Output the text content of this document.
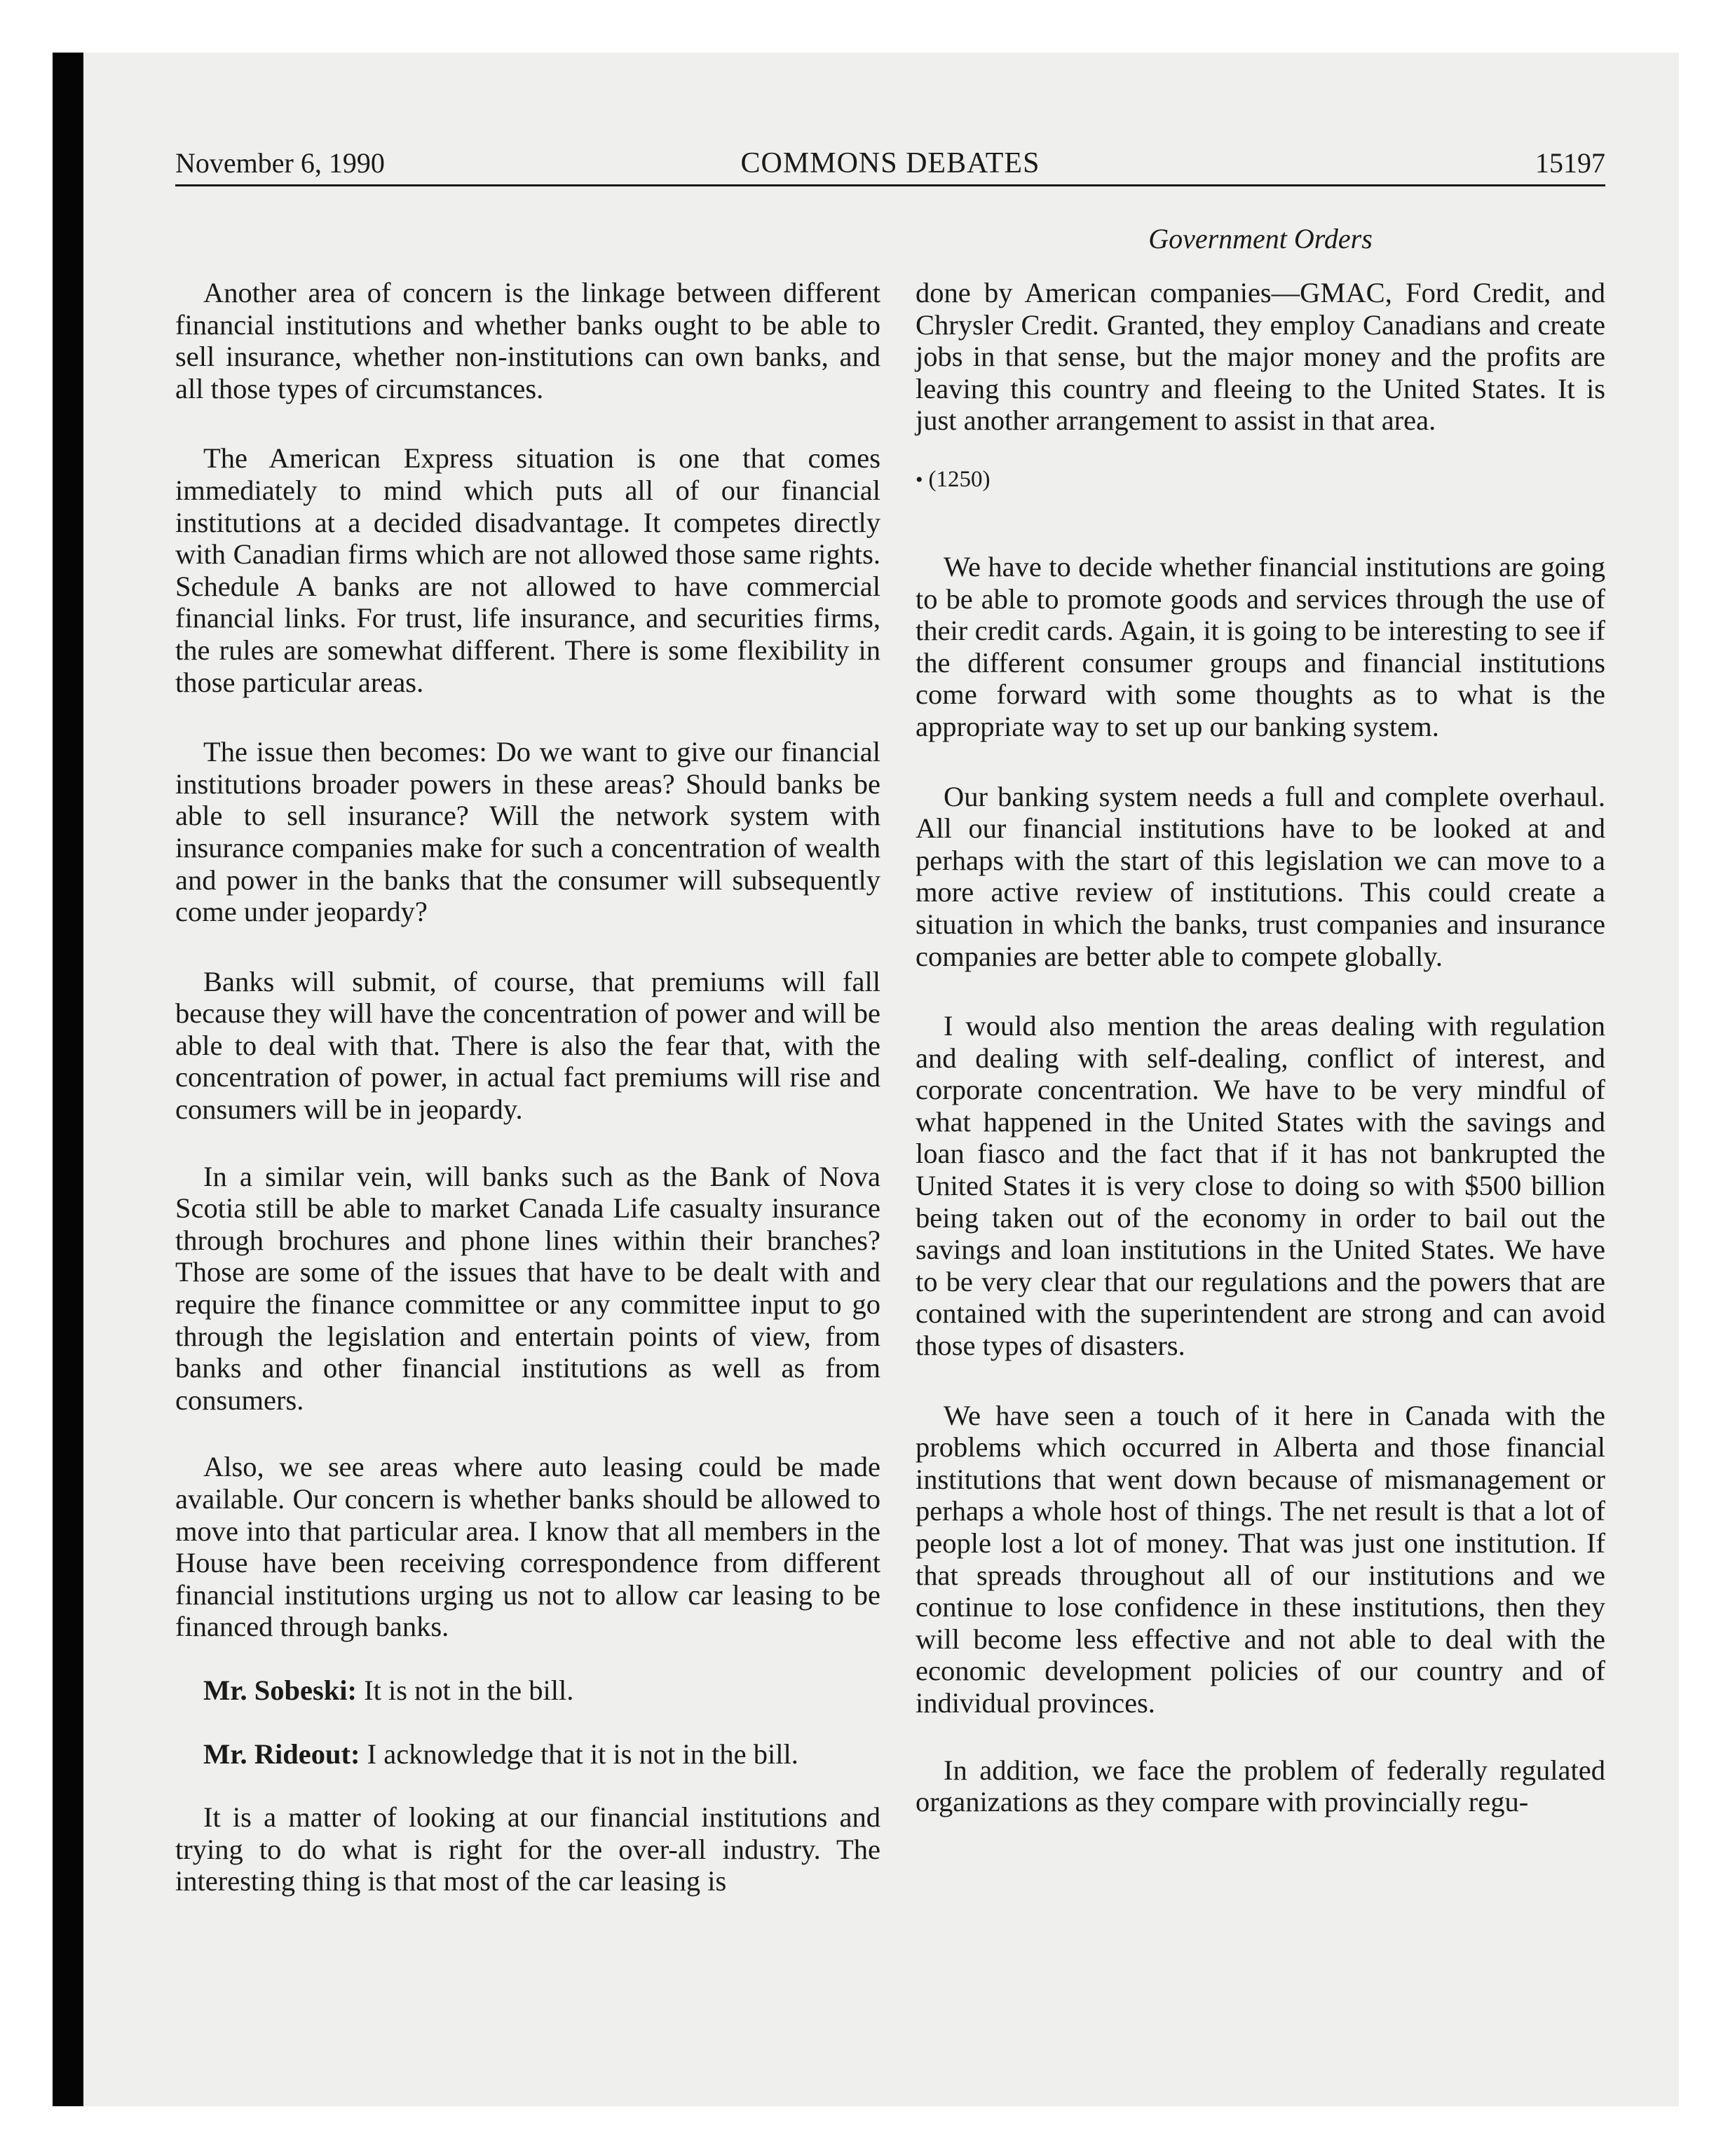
November 6, 1990	COMMONS DEBATES	15197
Government Orders

Another area of concern is the linkage between different financial institutions and whether banks ought to be able to sell insurance, whether non-institutions can own banks, and all those types of circumstances.

The American Express situation is one that comes immediately to mind which puts all of our financial institutions at a decided disadvantage. It competes directly with Canadian firms which are not allowed those same rights. Schedule A banks are not allowed to have commercial financial links. For trust, life insurance, and securities firms, the rules are somewhat different. There is some flexibility in those particular areas.

The issue then becomes: Do we want to give our financial institutions broader powers in these areas? Should banks be able to sell insurance? Will the network system with insurance companies make for such a concentration of wealth and power in the banks that the consumer will subsequently come under jeopardy?

Banks will submit, of course, that premiums will fall because they will have the concentration of power and will be able to deal with that. There is also the fear that, with the concentration of power, in actual fact premiums will rise and consumers will be in jeopardy.

In a similar vein, will banks such as the Bank of Nova Scotia still be able to market Canada Life casualty insurance through brochures and phone lines within their branches? Those are some of the issues that have to be dealt with and require the finance committee or any committee input to go through the legislation and entertain points of view, from banks and other financial institutions as well as from consumers.

Also, we see areas where auto leasing could be made available. Our concern is whether banks should be allowed to move into that particular area. I know that all members in the House have been receiving correspondence from different financial institutions urging us not to allow car leasing to be financed through banks.

Mr. Sobeski: It is not in the bill.

Mr. Rideout: I acknowledge that it is not in the bill.

It is a matter of looking at our financial institutions and trying to do what is right for the over-all industry. The interesting thing is that most of the car leasing is

done by American companies—GMAC, Ford Credit, and Chrysler Credit. Granted, they employ Canadians and create jobs in that sense, but the major money and the profits are leaving this country and fleeing to the United States. It is just another arrangement to assist in that area.

• (1250)

We have to decide whether financial institutions are going to be able to promote goods and services through the use of their credit cards. Again, it is going to be interesting to see if the different consumer groups and financial institutions come forward with some thoughts as to what is the appropriate way to set up our banking system.

Our banking system needs a full and complete overhaul. All our financial institutions have to be looked at and perhaps with the start of this legislation we can move to a more active review of institutions. This could create a situation in which the banks, trust companies and insurance companies are better able to compete globally.

I would also mention the areas dealing with regulation and dealing with self-dealing, conflict of interest, and corporate concentration. We have to be very mindful of what happened in the United States with the savings and loan fiasco and the fact that if it has not bankrupted the United States it is very close to doing so with $500 billion being taken out of the economy in order to bail out the savings and loan institutions in the United States. We have to be very clear that our regulations and the powers that are contained with the superintendent are strong and can avoid those types of disasters.

We have seen a touch of it here in Canada with the problems which occurred in Alberta and those financial institutions that went down because of mismanagement or perhaps a whole host of things. The net result is that a lot of people lost a lot of money. That was just one institution. If that spreads throughout all of our institutions and we continue to lose confidence in these institutions, then they will become less effective and not able to deal with the economic development policies of our country and of individual provinces.

In addition, we face the problem of federally regulated organizations as they compare with provincially regu-
